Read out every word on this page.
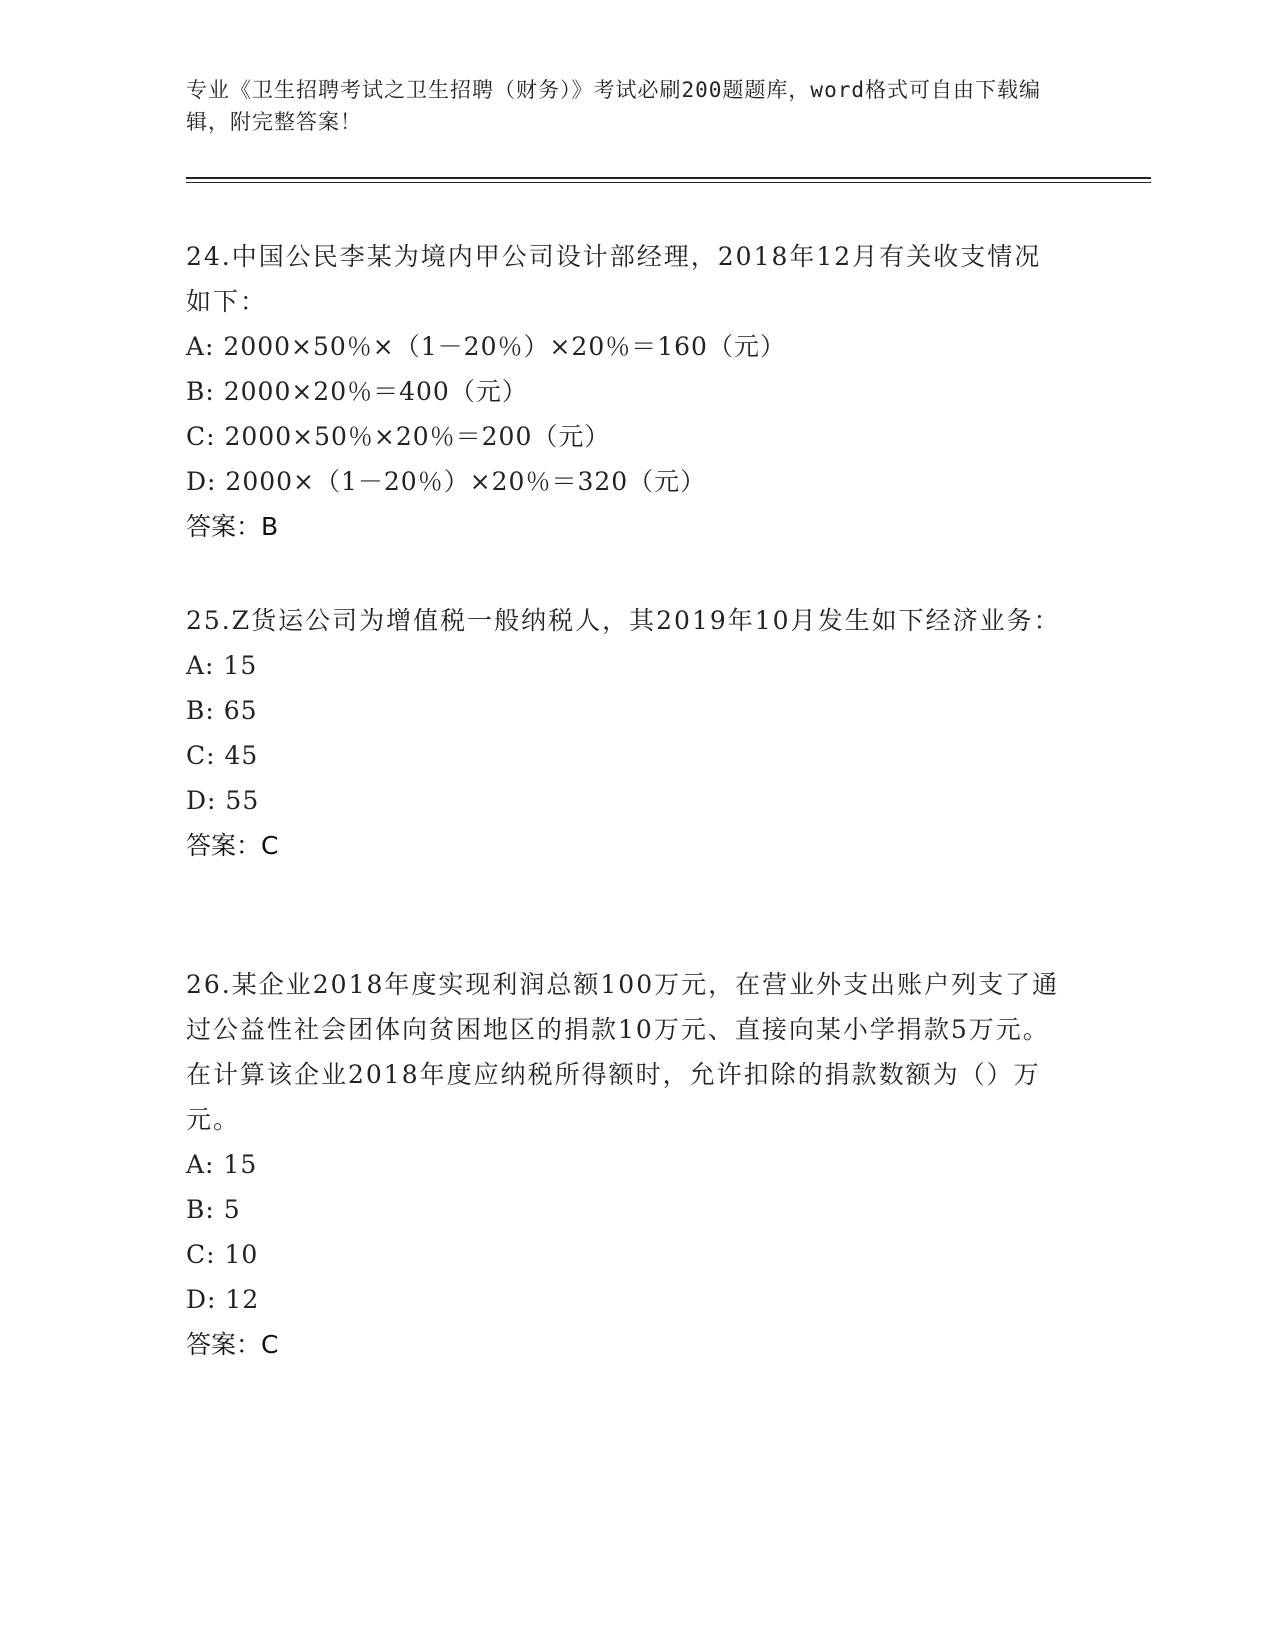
专业《卫生招聘考试之卫生招聘（财务）》考试必刷200题题库，word格式可自由下载编辑，附完整答案！

24.中国公民李某为境内甲公司设计部经理，2018年12月有关收支情况如下：

A: 2000×50％×（1－20％）×20％＝160（元）

B: 2000×20％＝400（元）

C: 2000×50％×20％＝200（元）

D: 2000×（1－20％）×20％＝320（元）

答案：B

25.Z货运公司为增值税一般纳税人，其2019年10月发生如下经济业务：

A: 15

B: 65

C: 45

D: 55

答案：C

26.某企业2018年度实现利润总额100万元，在营业外支出账户列支了通过公益性社会团体向贫困地区的捐款10万元、直接向某小学捐款5万元。在计算该企业2018年度应纳税所得额时，允许扣除的捐款数额为（）万元。

A: 15

B: 5

C: 10

D: 12

答案：C
